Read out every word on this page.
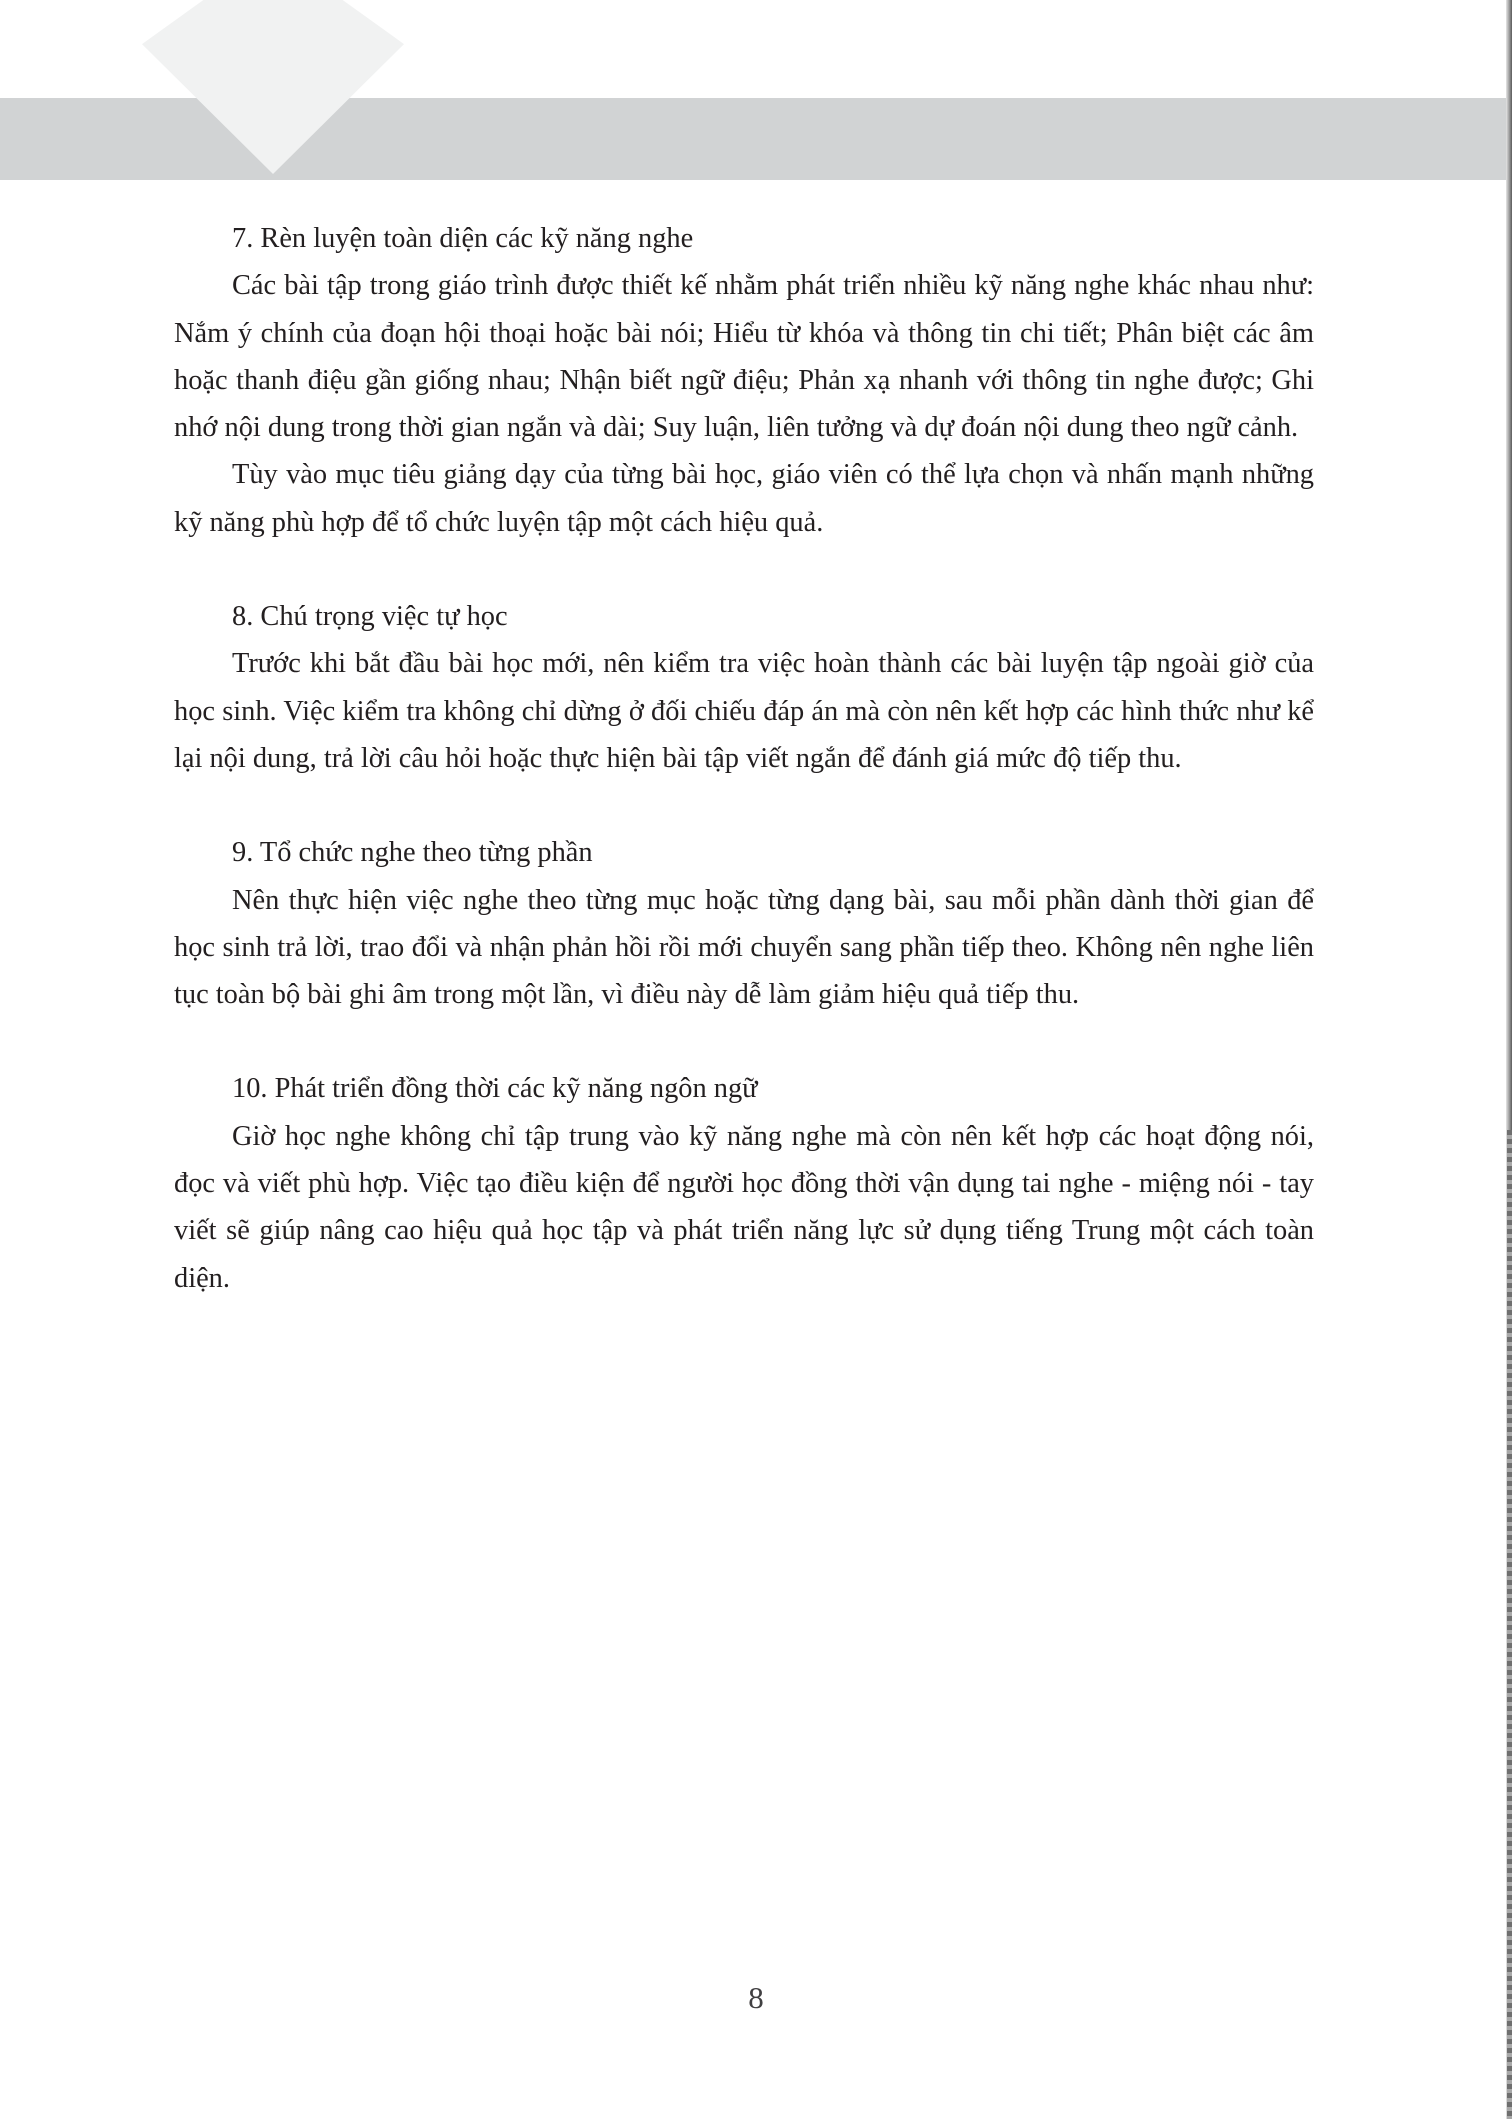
7. Rèn luyện toàn diện các kỹ năng nghe

Các bài tập trong giáo trình được thiết kế nhằm phát triển nhiều kỹ năng nghe khác nhau như: Nắm ý chính của đoạn hội thoại hoặc bài nói; Hiểu từ khóa và thông tin chi tiết; Phân biệt các âm hoặc thanh điệu gần giống nhau; Nhận biết ngữ điệu; Phản xạ nhanh với thông tin nghe được; Ghi nhớ nội dung trong thời gian ngắn và dài; Suy luận, liên tưởng và dự đoán nội dung theo ngữ cảnh.

Tùy vào mục tiêu giảng dạy của từng bài học, giáo viên có thể lựa chọn và nhấn mạnh những kỹ năng phù hợp để tổ chức luyện tập một cách hiệu quả.

8. Chú trọng việc tự học

Trước khi bắt đầu bài học mới, nên kiểm tra việc hoàn thành các bài luyện tập ngoài giờ của học sinh. Việc kiểm tra không chỉ dừng ở đối chiếu đáp án mà còn nên kết hợp các hình thức như kể lại nội dung, trả lời câu hỏi hoặc thực hiện bài tập viết ngắn để đánh giá mức độ tiếp thu.

9. Tổ chức nghe theo từng phần

Nên thực hiện việc nghe theo từng mục hoặc từng dạng bài, sau mỗi phần dành thời gian để học sinh trả lời, trao đổi và nhận phản hồi rồi mới chuyển sang phần tiếp theo. Không nên nghe liên tục toàn bộ bài ghi âm trong một lần, vì điều này dễ làm giảm hiệu quả tiếp thu.

10. Phát triển đồng thời các kỹ năng ngôn ngữ

Giờ học nghe không chỉ tập trung vào kỹ năng nghe mà còn nên kết hợp các hoạt động nói, đọc và viết phù hợp. Việc tạo điều kiện để người học đồng thời vận dụng tai nghe - miệng nói - tay viết sẽ giúp nâng cao hiệu quả học tập và phát triển năng lực sử dụng tiếng Trung một cách toàn diện.

8
